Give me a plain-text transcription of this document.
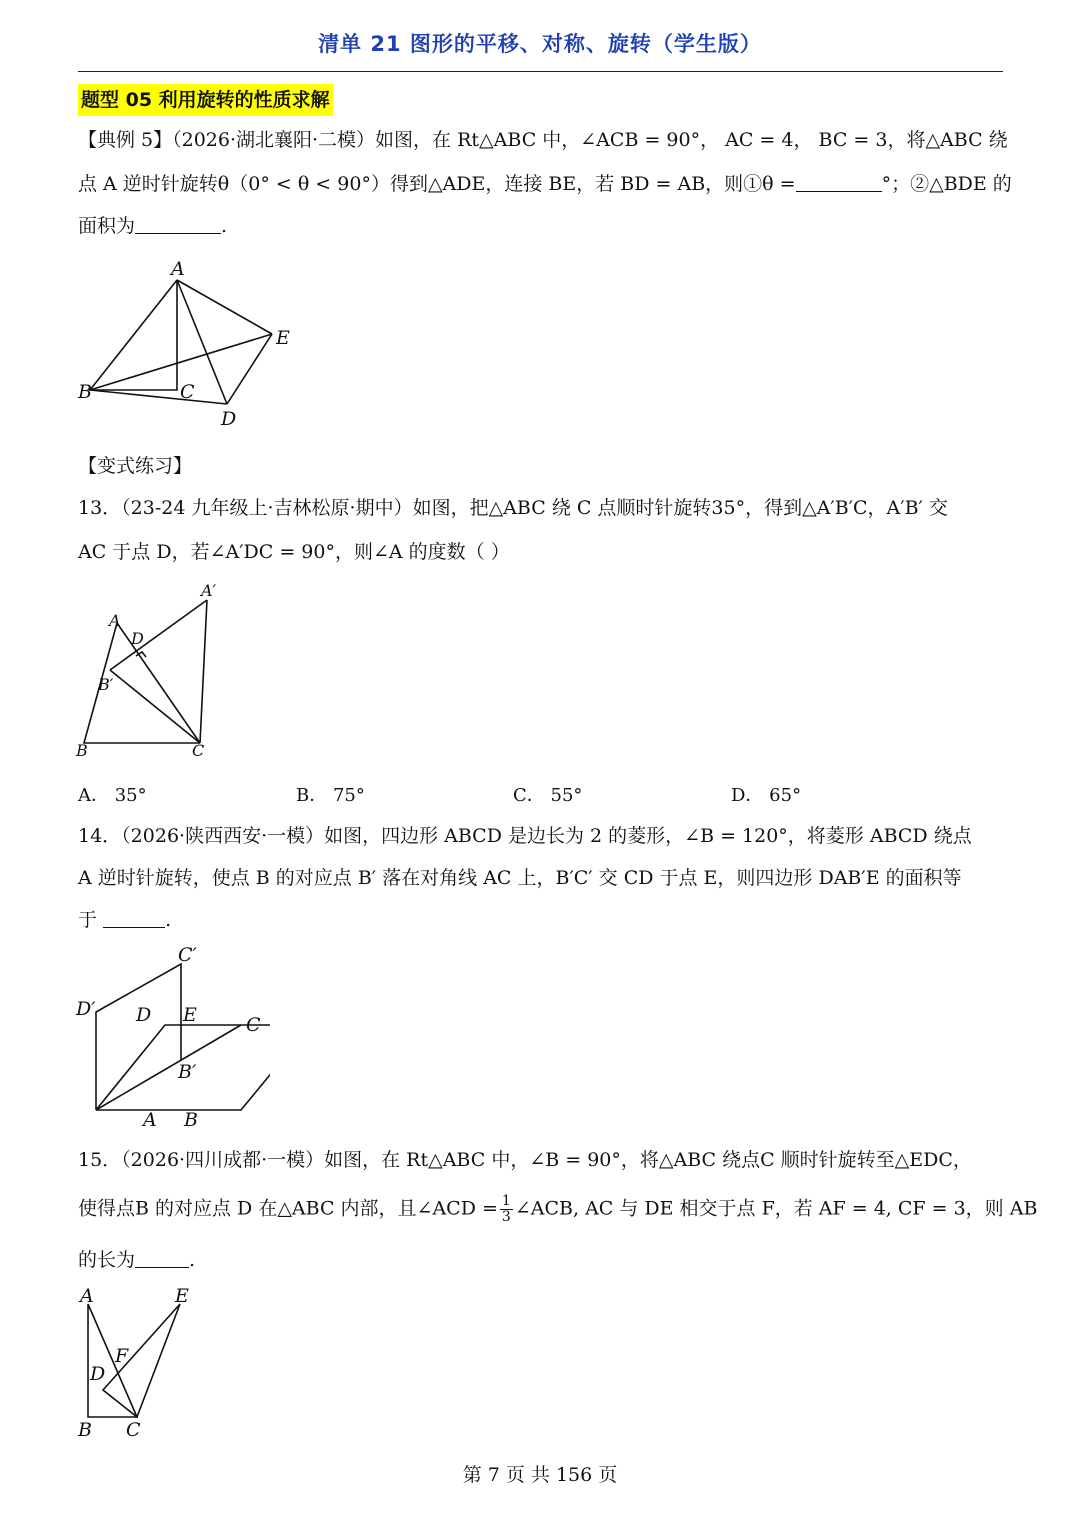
清单 21 图形的平移、对称、旋转（学生版）
题型 05 利用旋转的性质求解
【典例 5】（2026·湖北襄阳·二模）如图，在 Rt△ABC 中，∠ACB = 90°， AC = 4， BC = 3，将△ABC 绕
点 A 逆时针旋转θ（0° < θ < 90°）得到△ADE，连接 BE，若 BD = AB，则①θ =	°；②△BDE 的
面积为	.
A
B	C
D
E
【变式练习】
13．（23-24 九年级上·吉林松原·期中）如图，把△ABC 绕 C 点顺时针旋转35°，得到△A′B′C，A′B′ 交
AC 于点 D，若∠A′DC = 90°，则∠A 的度数（ ）
A
A′
D
B′
B	C
A． 35°	B． 75°	C． 55°	D． 65°
14．（2026·陕西西安·一模）如图，四边形 ABCD 是边长为 2 的菱形，∠B = 120°，将菱形 ABCD 绕点
A 逆时针旋转，使点 B 的对应点 B′ 落在对角线 AC 上，B′C′ 交 CD 于点 E，则四边形 DAB′E 的面积等
于	.
A B
B′
C
C′
D
D′	E
15．（2026·四川成都·一模）如图，在 Rt△ABC 中，∠B = 90°，将△ABC 绕点C 顺时针旋转至△EDC，
使得点B 的对应点 D 在△ABC 内部，且∠ACD = $\frac{1}{3}$ ∠ACB, AC 与 DE 相交于点 F，若 AF = 4, CF = 3，则 AB
的长为	.
A	E
F
D
B C
第 7 页 共 156 页
